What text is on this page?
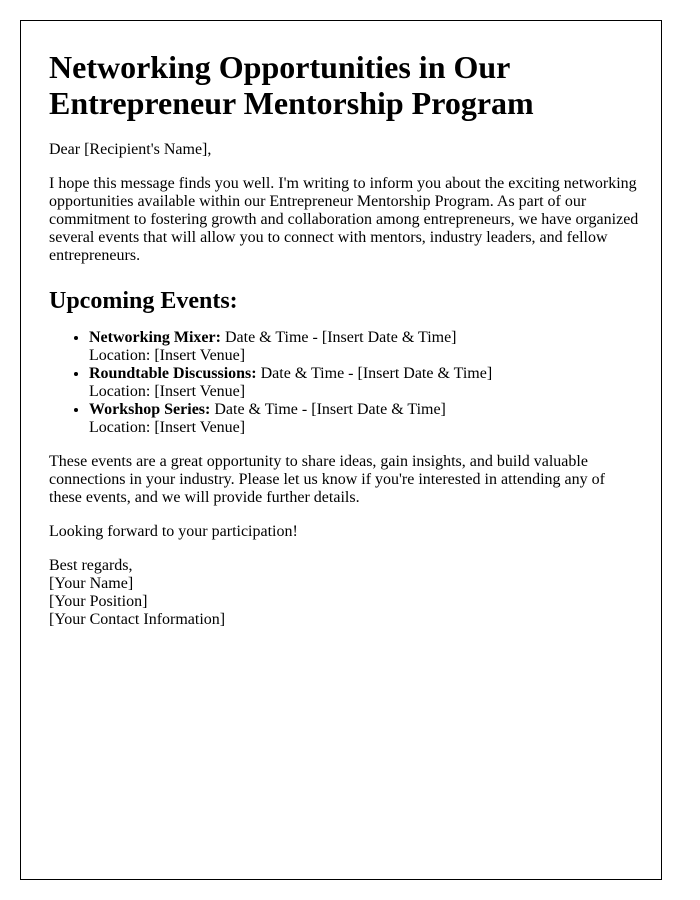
Networking Opportunities in Our Entrepreneur Mentorship Program

Dear [Recipient's Name],

I hope this message finds you well. I'm writing to inform you about the exciting networking opportunities available within our Entrepreneur Mentorship Program. As part of our commitment to fostering growth and collaboration among entrepreneurs, we have organized several events that will allow you to connect with mentors, industry leaders, and fellow entrepreneurs.

Upcoming Events:
• Networking Mixer: Date & Time - [Insert Date & Time]
Location: [Insert Venue]
• Roundtable Discussions: Date & Time - [Insert Date & Time]
Location: [Insert Venue]
• Workshop Series: Date & Time - [Insert Date & Time]
Location: [Insert Venue]

These events are a great opportunity to share ideas, gain insights, and build valuable connections in your industry. Please let us know if you're interested in attending any of these events, and we will provide further details.

Looking forward to your participation!

Best regards,

[Your Name]

[Your Position]

[Your Contact Information]
